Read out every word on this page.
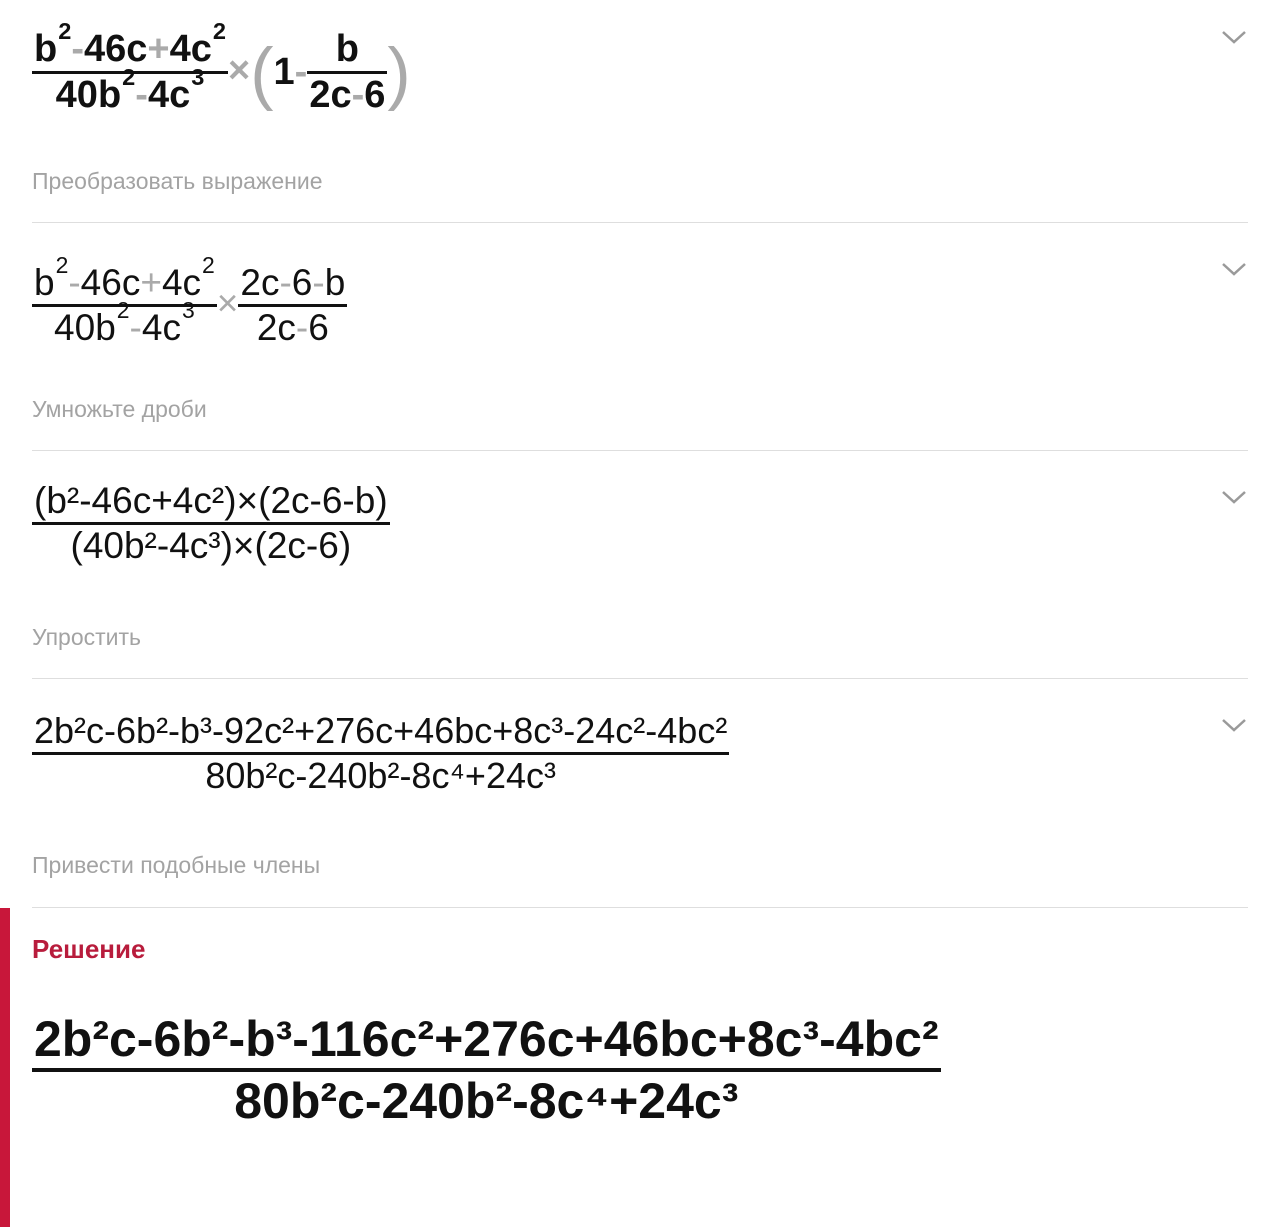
$\frac{b^2-46c+4c^2}{40b^2-4c^3} \times(1- \frac{b}{2c-6}$ )
Преобразовать выражение
$\frac{b^2-46c+4c^2}{40b^2-4c^3} \times \frac{2c-6-b}{2c-6}$
Умножьте дроби
$\frac{\text{(b²-46c+4c²)×(2c-6-b)}}{\text{(40b²-4c³)×(2c-6)}}$
Упростить
$\frac{\text{2b²c-6b²-b³-92c²+276c+46bc+8c³-24c²-4bc²}}{\text{80b²c-240b²-8c⁴+24c³}}$
Привести подобные члены
Решение
$\frac{\text{2b²c-6b²-b³-116c²+276c+46bc+8c³-4bc²}}{\text{80b²c-240b²-8c⁴+24c³}}$
